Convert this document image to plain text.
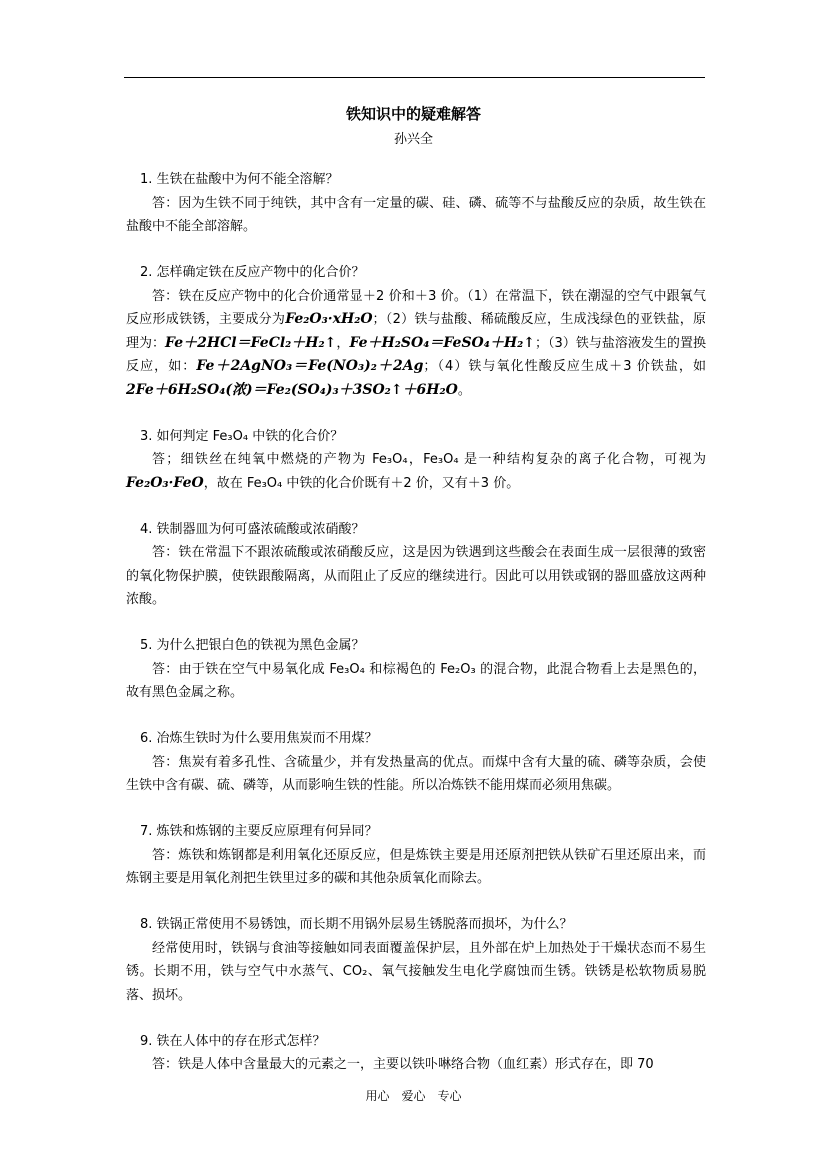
铁知识中的疑难解答
孙兴全

1. 生铁在盐酸中为何不能全溶解？

答：因为生铁不同于纯铁，其中含有一定量的碳、硅、磷、硫等不与盐酸反应的杂质，故生铁在盐酸中不能全部溶解。

2. 怎样确定铁在反应产物中的化合价？

答：铁在反应产物中的化合价通常显＋2 价和＋3 价。（1）在常温下，铁在潮湿的空气中跟氧气反应形成铁锈，主要成分为Fe₂O₃·xH₂O；（2）铁与盐酸、稀硫酸反应，生成浅绿色的亚铁盐，原理为：Fe＋2HCl＝FeCl₂＋H₂↑，Fe＋H₂SO₄＝FeSO₄＋H₂↑；（3）铁与盐溶液发生的置换反应，如：Fe＋2AgNO₃＝Fe(NO₃)₂＋2Ag；（4）铁与氧化性酸反应生成＋3 价铁盐，如2Fe＋6H₂SO₄(浓)＝Fe₂(SO₄)₃＋3SO₂↑＋6H₂O。

3. 如何判定 Fe₃O₄ 中铁的化合价？

答；细铁丝在纯氧中燃烧的产物为 Fe₃O₄，Fe₃O₄ 是一种结构复杂的离子化合物，可视为Fe₂O₃·FeO，故在 Fe₃O₄ 中铁的化合价既有＋2 价，又有＋3 价。

4. 铁制器皿为何可盛浓硫酸或浓硝酸？

答：铁在常温下不跟浓硫酸或浓硝酸反应，这是因为铁遇到这些酸会在表面生成一层很薄的致密的氧化物保护膜，使铁跟酸隔离，从而阻止了反应的继续进行。因此可以用铁或钢的器皿盛放这两种浓酸。

5. 为什么把银白色的铁视为黑色金属？

答：由于铁在空气中易氧化成 Fe₃O₄ 和棕褐色的 Fe₂O₃ 的混合物，此混合物看上去是黑色的，故有黑色金属之称。

6. 冶炼生铁时为什么要用焦炭而不用煤？

答：焦炭有着多孔性、含硫量少，并有发热量高的优点。而煤中含有大量的硫、磷等杂质，会使生铁中含有碳、硫、磷等，从而影响生铁的性能。所以冶炼铁不能用煤而必须用焦碳。

7. 炼铁和炼钢的主要反应原理有何异同？

答：炼铁和炼钢都是利用氧化还原反应，但是炼铁主要是用还原剂把铁从铁矿石里还原出来，而炼钢主要是用氧化剂把生铁里过多的碳和其他杂质氧化而除去。

8. 铁锅正常使用不易锈蚀，而长期不用锅外层易生锈脱落而损坏，为什么？

经常使用时，铁锅与食油等接触如同表面覆盖保护层，且外部在炉上加热处于干燥状态而不易生锈。长期不用，铁与空气中水蒸气、CO₂、氧气接触发生电化学腐蚀而生锈。铁锈是松软物质易脱落、损坏。

9. 铁在人体中的存在形式怎样？

答：铁是人体中含量最大的元素之一，主要以铁卟啉络合物（血红素）形式存在，即 70

用心　爱心　专心
